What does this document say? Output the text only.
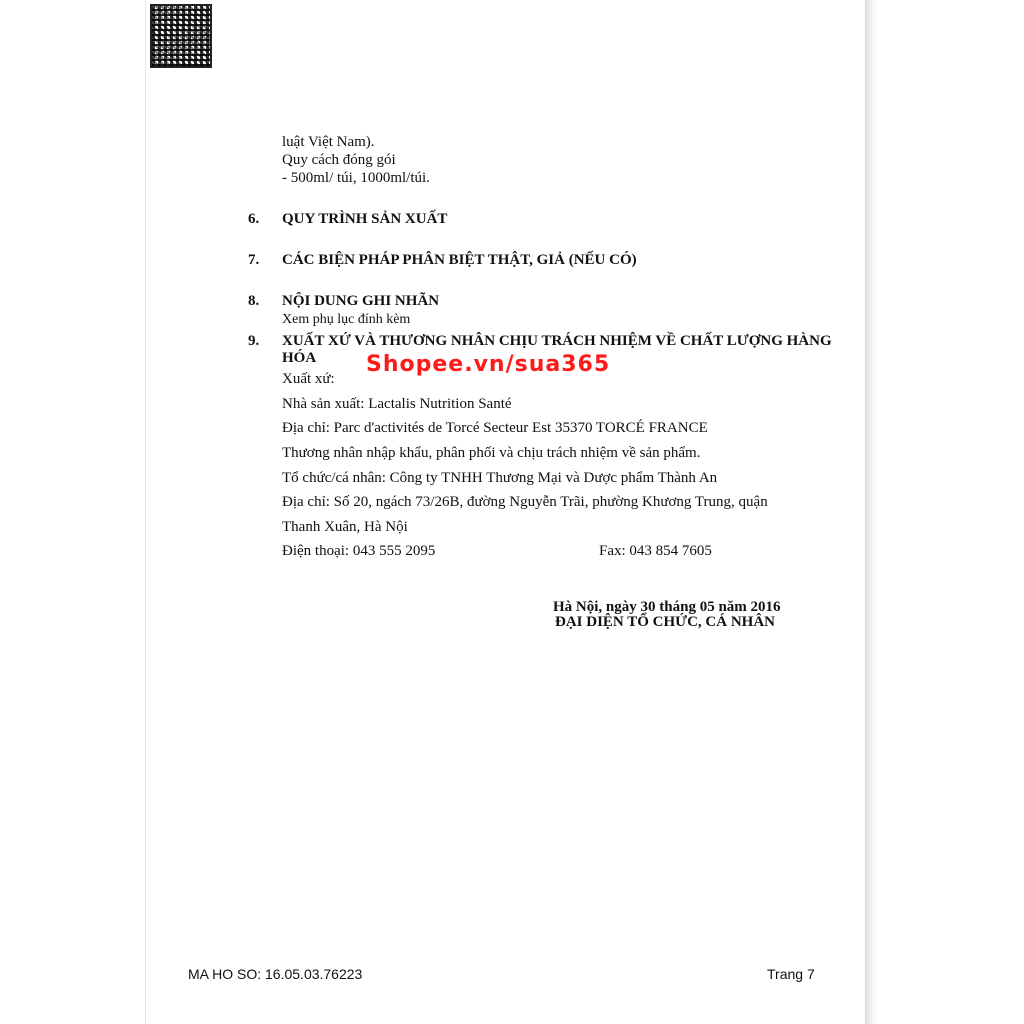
luật Việt Nam).
Quy cách đóng gói
- 500ml/ túi, 1000ml/túi.
6. QUY TRÌNH SẢN XUẤT
7. CÁC BIỆN PHÁP PHÂN BIỆT THẬT, GIẢ (NẾU CÓ)
8. NỘI DUNG GHI NHÃN
Xem phụ lục đính kèm
9. XUẤT XỨ VÀ THƯƠNG NHÂN CHỊU TRÁCH NHIỆM VỀ CHẤT LƯỢNG HÀNG
HÓA Shopee.vn/sua365
Xuất xứ:
Nhà sản xuất: Lactalis Nutrition Santé
Địa chỉ: Parc d'activités de Torcé Secteur Est 35370 TORCÉ FRANCE
Thương nhân nhập khẩu, phân phối và chịu trách nhiệm về sản phẩm.
Tổ chức/cá nhân: Công ty TNHH Thương Mại và Dược phẩm Thành An
Địa chỉ: Số 20, ngách 73/26B, đường Nguyễn Trãi, phường Khương Trung, quận
Thanh Xuân, Hà Nội
Điện thoại: 043 555 2095	Fax: 043 854 7605
Hà Nội, ngày 30 tháng 05 năm 2016
ĐẠI DIỆN TỔ CHỨC, CÁ NHÂN
MA HO SO: 16.05.03.76223	Trang 7
